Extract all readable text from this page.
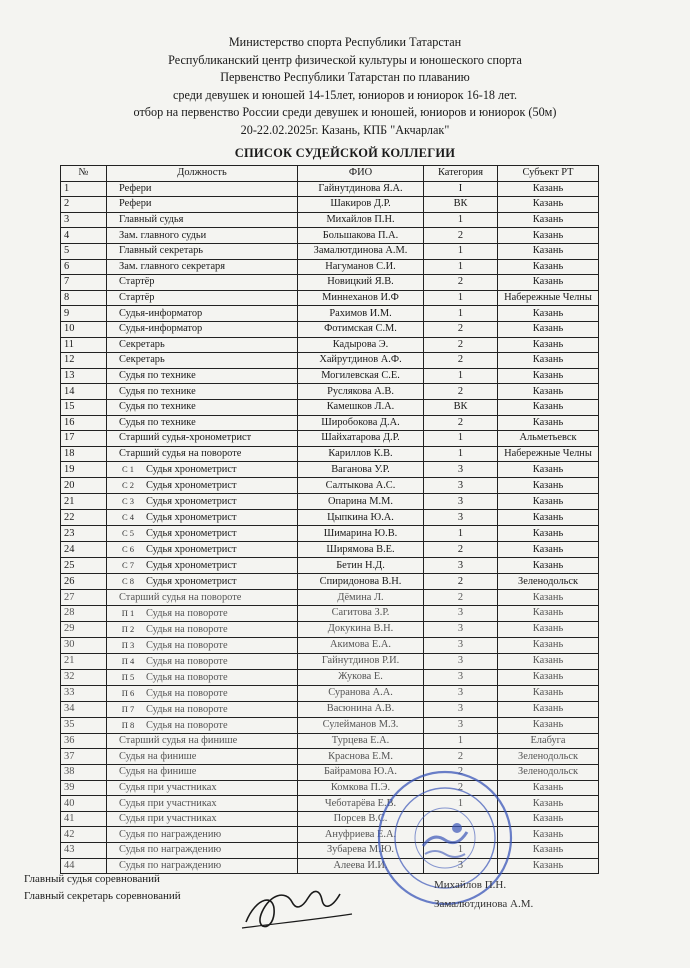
Министерство спорта Республики Татарстан
Республиканский центр физической культуры и юношеского спорта
Первенство Республики Татарстан по плаванию
среди девушек и юношей 14-15лет, юниоров и юниорок 16-18 лет.
отбор на первенство России среди девушек и юношей, юниоров и юниорок (50м)
20-22.02.2025г. Казань, КПБ "Акчарлак"
СПИСОК СУДЕЙСКОЙ КОЛЛЕГИИ
№	Должность	ФИО	Категория	Субъект РТ
1	Рефери	Гайнутдинова Я.А.	I	Казань
2	Рефери	Шакиров Д.Р.	ВК	Казань
3	Главный судья	Михайлов П.Н.	1	Казань
4	Зам. главного судьи	Большакова П.А.	2	Казань
5	Главный секретарь	Замалютдинова А.М.	1	Казань
6	Зам. главного секретаря	Нагуманов С.И.	1	Казань
7	Стартёр	Новицкий Я.В.	2	Казань
8	Стартёр	Миннеханов И.Ф	1	Набережные Челны
9	Судья-информатор	Рахимов И.М.	1	Казань
10	Судья-информатор	Фотимская С.М.	2	Казань
11	Секретарь	Кадырова Э.	2	Казань
12	Секретарь	Хайрутдинов А.Ф.	2	Казань
13	Судья по технике	Могилевская С.Е.	1	Казань
14	Судья по технике	Руслякова А.В.	2	Казань
15	Судья по технике	Камешков Л.А.	ВК	Казань
16	Судья по технике	Широбокова Д.А.	2	Казань
17	Старший судья-хронометрист	Шайхатарова Д.Р.	1	Альметьевск
18	Старший судья на повороте	Кариллов К.В.	1	Набережные Челны
19	С 1 Судья хронометрист	Ваганова У.Р.	3	Казань
20	С 2 Судья хронометрист	Салтыкова А.С.	3	Казань
21	С 3 Судья хронометрист	Опарина М.М.	3	Казань
22	С 4 Судья хронометрист	Цыпкина Ю.А.	3	Казань
23	С 5 Судья хронометрист	Шимарина Ю.В.	1	Казань
24	С 6 Судья хронометрист	Ширямова В.Е.	2	Казань
25	С 7 Судья хронометрист	Бетин Н.Д.	3	Казань
26	С 8 Судья хронометрист	Спиридонова В.Н.	2	Зеленодольск
27	Старший судья на повороте	Дёмина Л.	2	Казань
28	П 1 Судья на повороте	Сагитова З.Р.	3	Казань
29	П 2 Судья на повороте	Докукина В.Н.	3	Казань
30	П 3 Судья на повороте	Акимова Е.А.	3	Казань
21	П 4 Судья на повороте	Гайнутдинов Р.И.	3	Казань
32	П 5 Судья на повороте	Жукова Е.	3	Казань
33	П 6 Судья на повороте	Суранова А.А.	3	Казань
34	П 7 Судья на повороте	Васюнина А.В.	3	Казань
35	П 8 Судья на повороте	Сулейманов М.З.	3	Казань
36	Старший судья на финише	Турцева Е.А.	1	Елабуга
37	Судья на финише	Краснова Е.М.	2	Зеленодольск
38	Судья на финише	Байрамова Ю.А.	2	Зеленодольск
39	Судья при участниках	Комкова П.Э.	2	Казань
40	Судья при участниках	Чеботарёва Е.В.	1	Казань
41	Судья при участниках	Порсев В.С.		Казань
42	Судья по награждению	Ануфриева Е.А.		Казань
43	Судья по награждению	Зубарева М.Ю.	1	Казань
44	Судья по награждению	Алеева И.И.	3	Казань
Главный судья соревнований
Главный секретарь соревнований
Михайлов П.Н.
Замалютдинова А.М.
